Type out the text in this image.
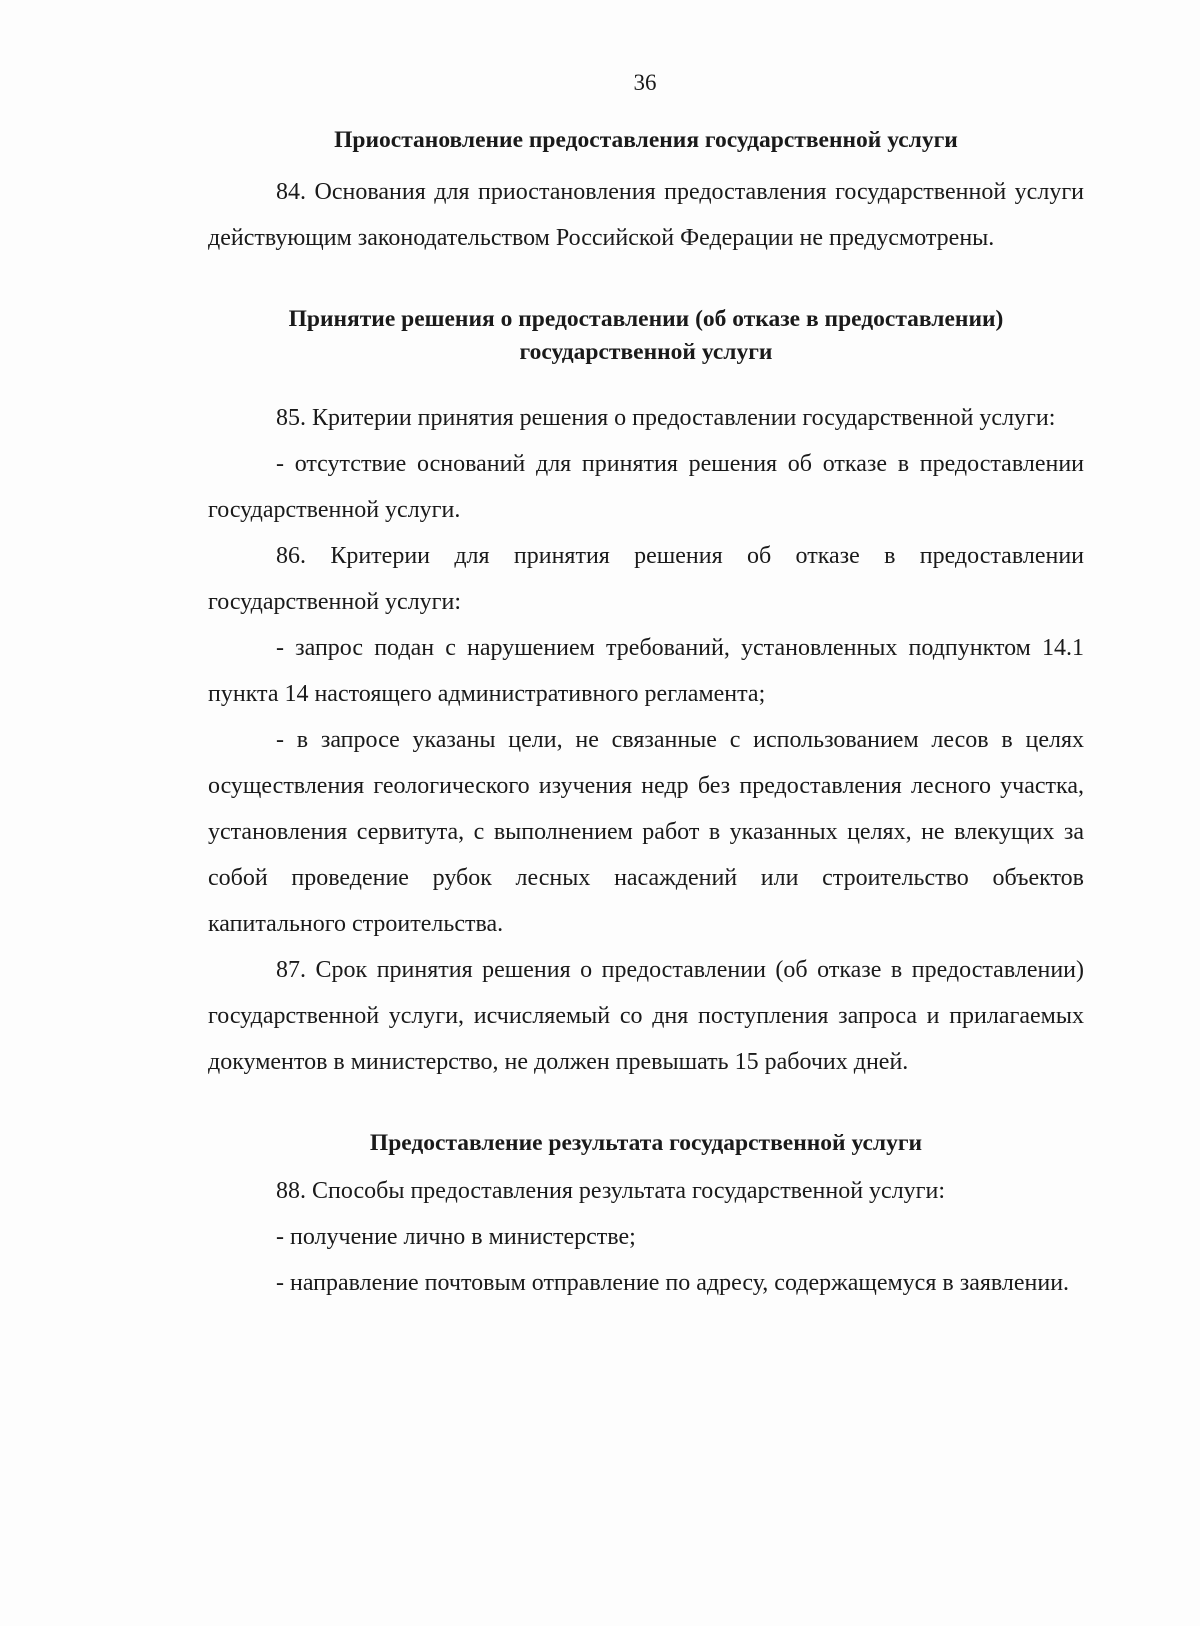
36

Приостановление предоставления государственной услуги

84. Основания для приостановления предоставления государственной услуги действующим законодательством Российской Федерации не предусмотрены.

Принятие решения о предоставлении (об отказе в предоставлении)

государственной услуги

85. Критерии принятия решения о предоставлении государственной услуги:

- отсутствие оснований для принятия решения об отказе в предоставлении государственной услуги.

86. Критерии для принятия решения об отказе в предоставлении государственной услуги:

- запрос подан с нарушением требований, установленных подпунктом 14.1 пункта 14 настоящего административного регламента;

- в запросе указаны цели, не связанные с использованием лесов в целях осуществления геологического изучения недр без предоставления лесного участка, установления сервитута, с выполнением работ в указанных целях, не влекущих за собой проведение рубок лесных насаждений или строительство объектов капитального строительства.

87. Срок принятия решения о предоставлении (об отказе в предоставлении) государственной услуги, исчисляемый со дня поступления запроса и прилагаемых документов в министерство, не должен превышать 15 рабочих дней.

Предоставление результата государственной услуги

88. Способы предоставления результата государственной услуги:

- получение лично в министерстве;

- направление почтовым отправление по адресу, содержащемуся в заявлении.
